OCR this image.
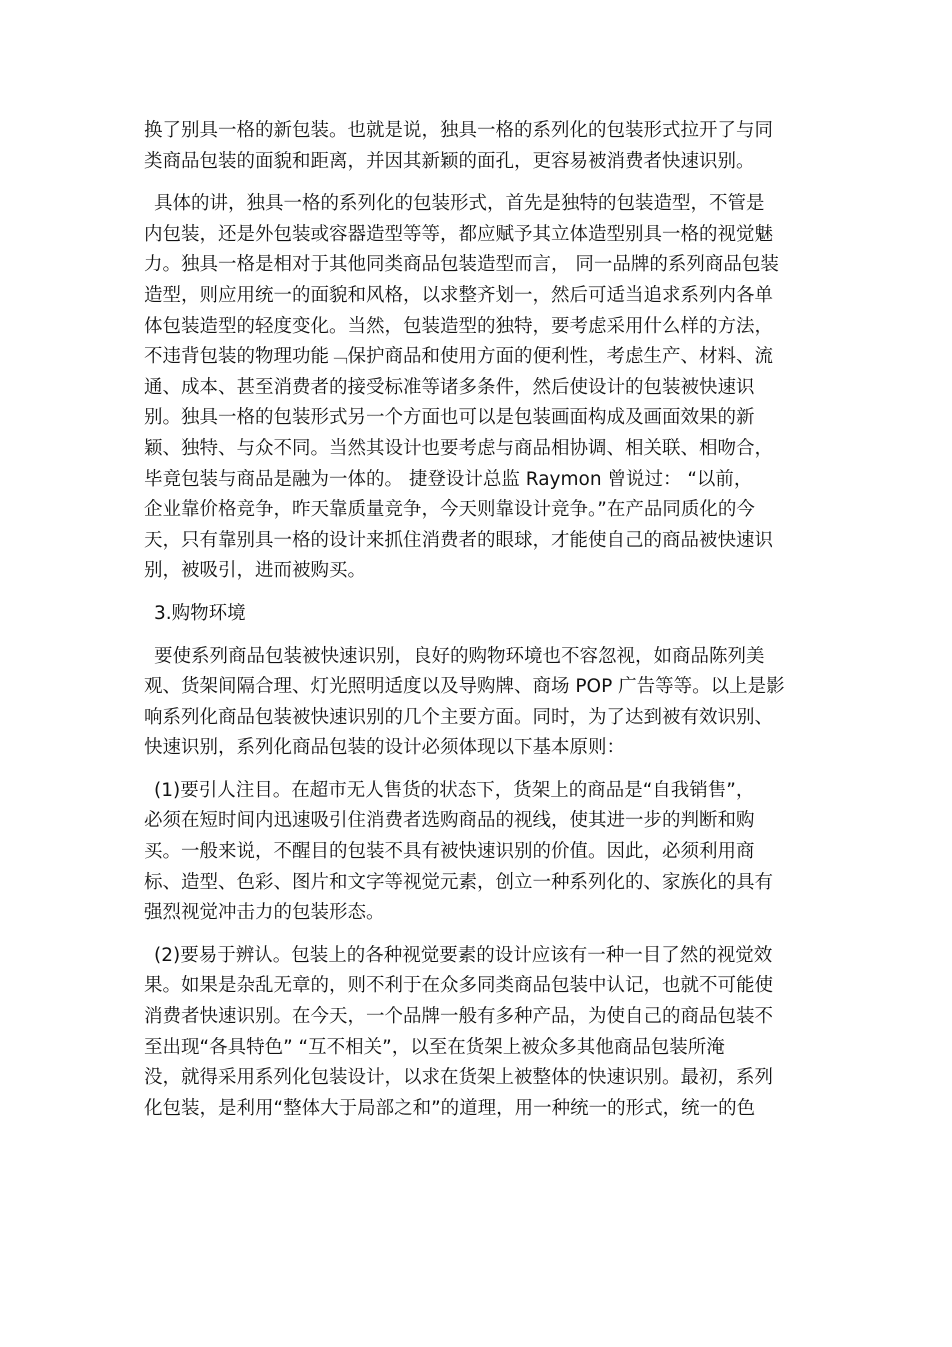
换了别具一格的新包装。也就是说，独具一格的系列化的包装形式拉开了与同
类商品包装的面貌和距离，并因其新颖的面孔，更容易被消费者快速识别。

具体的讲，独具一格的系列化的包装形式，首先是独特的包装造型，不管是
内包装，还是外包装或容器造型等等，都应赋予其立体造型别具一格的视觉魅
力。独具一格是相对于其他同类商品包装造型而言， 同一品牌的系列商品包装
造型，则应用统一的面貌和风格，以求整齐划一，然后可适当追求系列内各单
体包装造型的轻度变化。当然，包装造型的独特，要考虑采用什么样的方法，
不违背包装的物理功能﹁保护商品和使用方面的便利性，考虑生产、材料、流
通、成本、甚至消费者的接受标准等诸多条件，然后使设计的包装被快速识
别。独具一格的包装形式另一个方面也可以是包装画面构成及画面效果的新
颖、独特、与众不同。当然其设计也要考虑与商品相协调、相关联、相吻合，
毕竟包装与商品是融为一体的。 捷登设计总监 Raymon 曾说过： “以前，
企业靠价格竞争，昨天靠质量竞争，今天则靠设计竞争。”在产品同质化的今
天，只有靠别具一格的设计来抓住消费者的眼球，才能使自己的商品被快速识
别，被吸引，进而被购买。

3.购物环境

要使系列商品包装被快速识别，良好的购物环境也不容忽视，如商品陈列美
观、货架间隔合理、灯光照明适度以及导购牌、商场 POP 广告等等。以上是影
响系列化商品包装被快速识别的几个主要方面。同时，为了达到被有效识别、
快速识别，系列化商品包装的设计必须体现以下基本原则：

(1)要引人注目。在超市无人售货的状态下，货架上的商品是“自我销售”，
必须在短时间内迅速吸引住消费者选购商品的视线，使其进一步的判断和购
买。一般来说，不醒目的包装不具有被快速识别的价值。因此，必须利用商
标、造型、色彩、图片和文字等视觉元素，创立一种系列化的、家族化的具有
强烈视觉冲击力的包装形态。

(2)要易于辨认。包装上的各种视觉要素的设计应该有一种一目了然的视觉效
果。如果是杂乱无章的，则不利于在众多同类商品包装中认记，也就不可能使
消费者快速识别。在今天，一个品牌一般有多种产品，为使自己的商品包装不
至出现“各具特色” “互不相关”，以至在货架上被众多其他商品包装所淹
没，就得采用系列化包装设计，以求在货架上被整体的快速识别。最初，系列
化包装，是利用“整体大于局部之和”的道理，用一种统一的形式，统一的色
